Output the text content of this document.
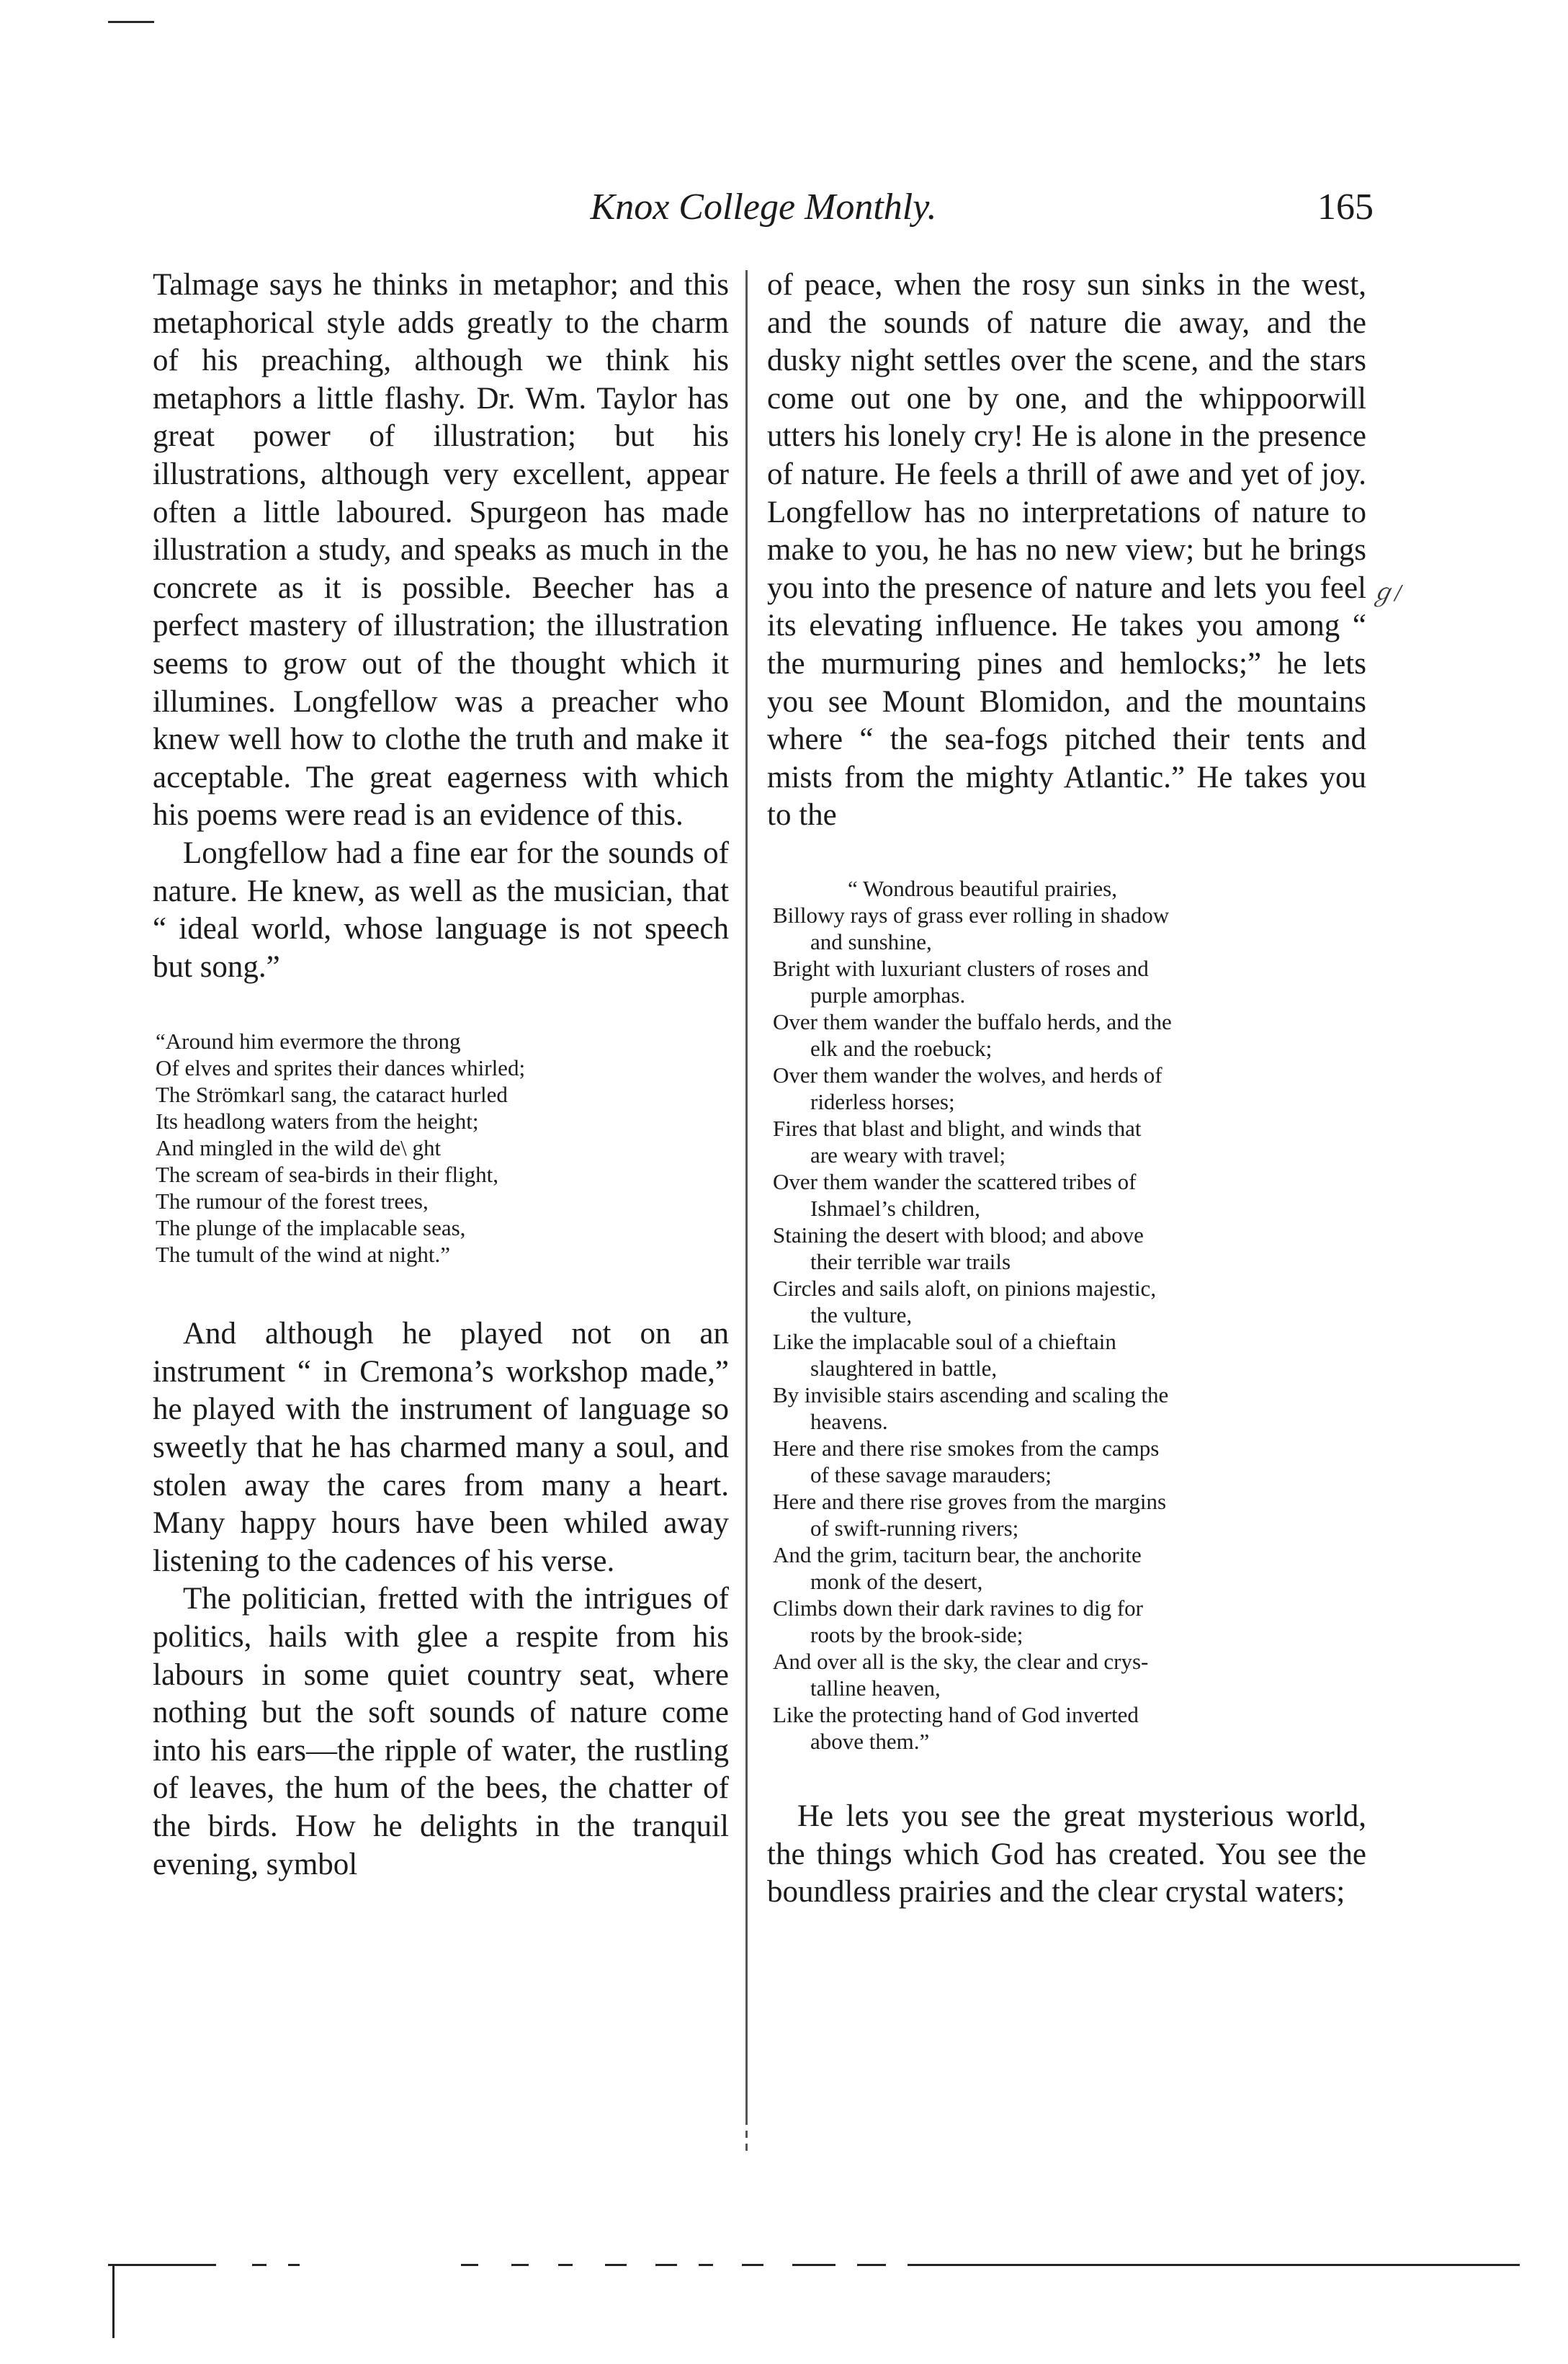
Knox College Monthly.	165

Talmage says he thinks in metaphor; and this metaphorical style adds greatly to the charm of his preaching, although we think his metaphors a little flashy. Dr. Wm. Taylor has great power of illustration; but his illustrations, although very excellent, appear often a little laboured. Spurgeon has made illustration a study, and speaks as much in the concrete as it is possible. Beecher has a perfect mastery of illustration; the illustration seems to grow out of the thought which it illumines. Longfellow was a preacher who knew well how to clothe the truth and make it acceptable. The great eagerness with which his poems were read is an evidence of this.

Longfellow had a fine ear for the sounds of nature. He knew, as well as the musician, that “ ideal world, whose language is not speech but song.”

“Around him evermore the throng
Of elves and sprites their dances whirled;
The Strömkarl sang, the cataract hurled
Its headlong waters from the height;
And mingled in the wild de\ ght
The scream of sea-birds in their flight,
The rumour of the forest trees,
The plunge of the implacable seas,
The tumult of the wind at night.”

And although he played not on an instrument “ in Cremona’s workshop made,” he played with the instrument of language so sweetly that he has charmed many a soul, and stolen away the cares from many a heart. Many happy hours have been whiled away listening to the cadences of his verse.

The politician, fretted with the intrigues of politics, hails with glee a respite from his labours in some quiet country seat, where nothing but the soft sounds of nature come into his ears—the ripple of water, the rustling of leaves, the hum of the bees, the chatter of the birds. How he delights in the tranquil evening, symbol

of peace, when the rosy sun sinks in the west, and the sounds of nature die away, and the dusky night settles over the scene, and the stars come out one by one, and the whippoorwill utters his lonely cry! He is alone in the presence of nature. He feels a thrill of awe and yet of joy. Longfellow has no interpretations of nature to make to you, he has no new view; but he brings you into the presence of nature and lets you feel its elevating influence. He takes you among “ the murmuring pines and hemlocks;” he lets you see Mount Blomidon, and the mountains where “ the sea-fogs pitched their tents and mists from the mighty Atlantic.” He takes you to the

“ Wondrous beautiful prairies,
Billowy rays of grass ever rolling in shadow
and sunshine,
Bright with luxuriant clusters of roses and
purple amorphas.
Over them wander the buffalo herds, and the
elk and the roebuck;
Over them wander the wolves, and herds of
riderless horses;
Fires that blast and blight, and winds that
are weary with travel;
Over them wander the scattered tribes of
Ishmael’s children,
Staining the desert with blood; and above
their terrible war trails
Circles and sails aloft, on pinions majestic,
the vulture,
Like the implacable soul of a chieftain
slaughtered in battle,
By invisible stairs ascending and scaling the
heavens.
Here and there rise smokes from the camps
of these savage marauders;
Here and there rise groves from the margins
of swift-running rivers;
And the grim, taciturn bear, the anchorite
monk of the desert,
Climbs down their dark ravines to dig for
roots by the brook-side;
And over all is the sky, the clear and crys-
talline heaven,
Like the protecting hand of God inverted
above them.”

He lets you see the great mysterious world, the things which God has created. You see the boundless prairies and the clear crystal waters;

ℊ/
